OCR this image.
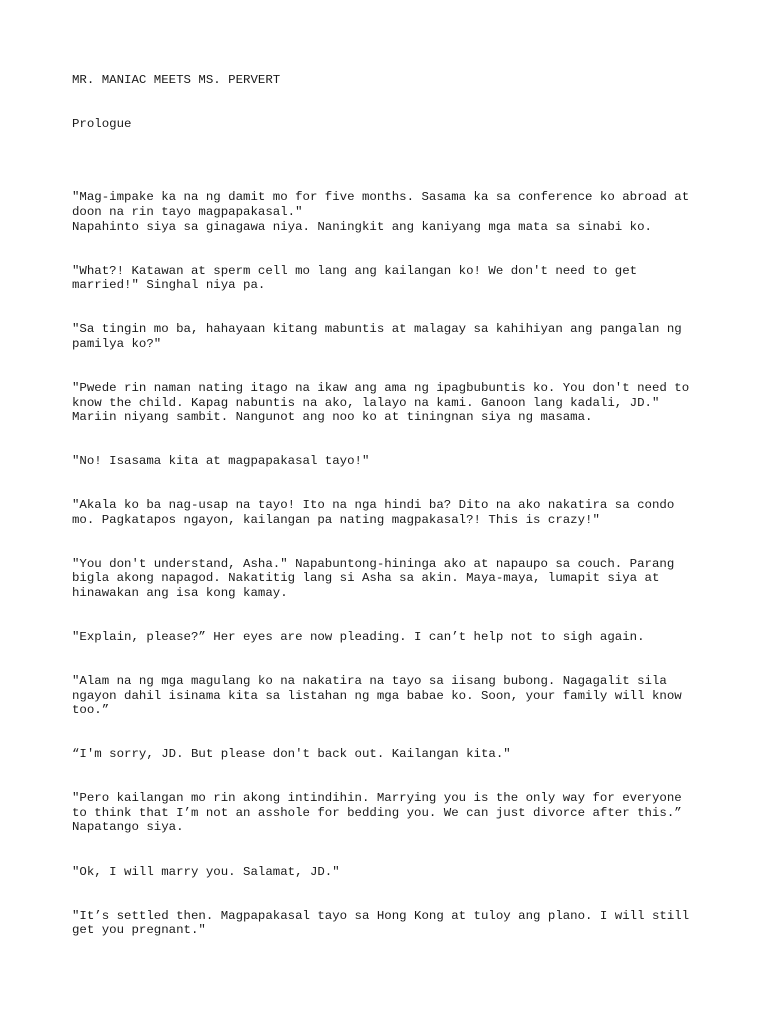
MR. MANIAC MEETS MS. PERVERT

Prologue

"Mag-impake ka na ng damit mo for five months. Sasama ka sa conference ko abroad at

doon na rin tayo magpapakasal."

Napahinto siya sa ginagawa niya. Naningkit ang kaniyang mga mata sa sinabi ko.

"What?! Katawan at sperm cell mo lang ang kailangan ko! We don't need to get

married!" Singhal niya pa.

"Sa tingin mo ba, hahayaan kitang mabuntis at malagay sa kahihiyan ang pangalan ng

pamilya ko?"

"Pwede rin naman nating itago na ikaw ang ama ng ipagbubuntis ko. You don't need to

know the child. Kapag nabuntis na ako, lalayo na kami. Ganoon lang kadali, JD."

Mariin niyang sambit. Nangunot ang noo ko at tiningnan siya ng masama.

"No! Isasama kita at magpapakasal tayo!"

"Akala ko ba nag-usap na tayo! Ito na nga hindi ba? Dito na ako nakatira sa condo

mo. Pagkatapos ngayon, kailangan pa nating magpakasal?! This is crazy!"

"You don't understand, Asha." Napabuntong-hininga ako at napaupo sa couch. Parang

bigla akong napagod. Nakatitig lang si Asha sa akin. Maya-maya, lumapit siya at

hinawakan ang isa kong kamay.

"Explain, please?” Her eyes are now pleading. I can’t help not to sigh again.

"Alam na ng mga magulang ko na nakatira na tayo sa iisang bubong. Nagagalit sila

ngayon dahil isinama kita sa listahan ng mga babae ko. Soon, your family will know

too.”

“I'm sorry, JD. But please don't back out. Kailangan kita."

"Pero kailangan mo rin akong intindihin. Marrying you is the only way for everyone

to think that I’m not an asshole for bedding you. We can just divorce after this.”

Napatango siya.

"Ok, I will marry you. Salamat, JD."

"It’s settled then. Magpapakasal tayo sa Hong Kong at tuloy ang plano. I will still

get you pregnant."
